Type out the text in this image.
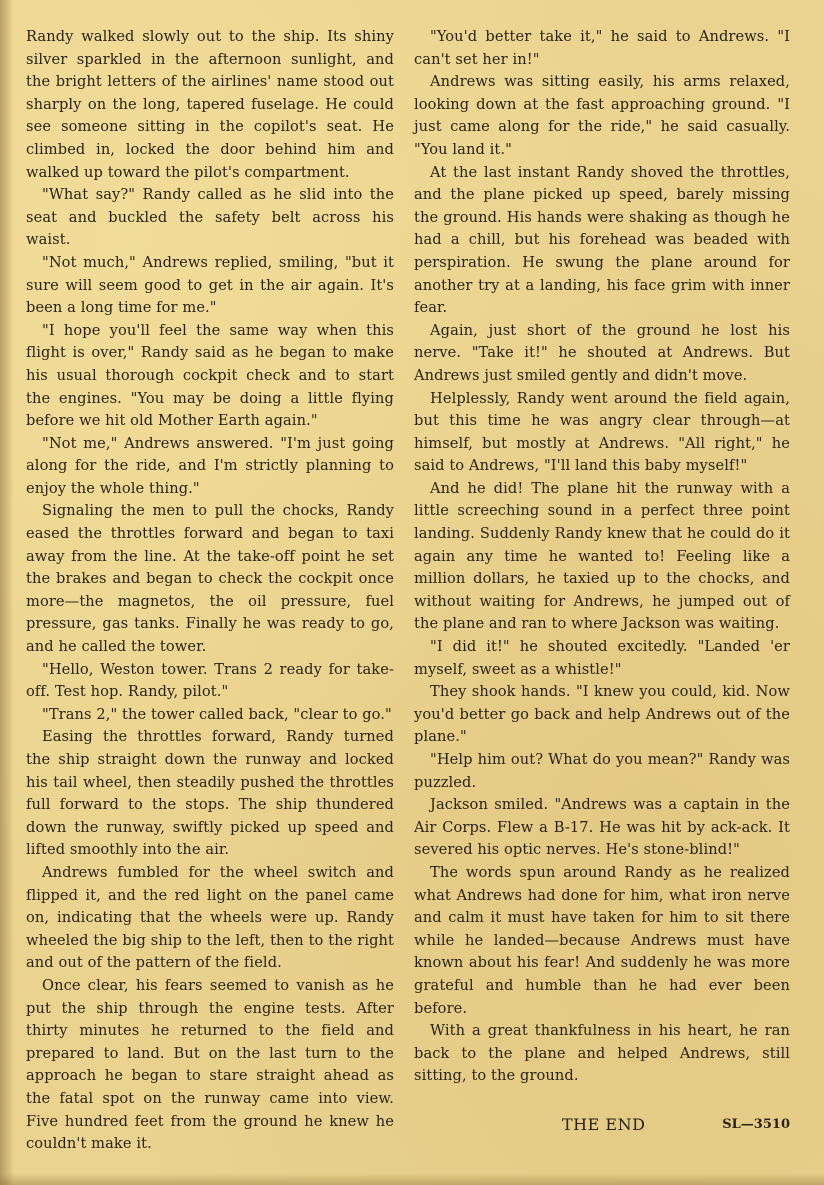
Randy walked slowly out to the ship. Its shiny silver sparkled in the afternoon sunlight, and the bright letters of the airlines' name stood out sharply on the long, tapered fuselage. He could see someone sitting in the copilot's seat. He climbed in, locked the door behind him and walked up toward the pilot's compartment.

"What say?" Randy called as he slid into the seat and buckled the safety belt across his waist.

"Not much," Andrews replied, smiling, "but it sure will seem good to get in the air again. It's been a long time for me."

"I hope you'll feel the same way when this flight is over," Randy said as he began to make his usual thorough cockpit check and to start the engines. "You may be doing a little flying before we hit old Mother Earth again."

"Not me," Andrews answered. "I'm just going along for the ride, and I'm strictly planning to enjoy the whole thing."

Signaling the men to pull the chocks, Randy eased the throttles forward and began to taxi away from the line. At the take-off point he set the brakes and began to check the cockpit once more—the magnetos, the oil pressure, fuel pressure, gas tanks. Finally he was ready to go, and he called the tower.

"Hello, Weston tower. Trans 2 ready for take-off. Test hop. Randy, pilot."

"Trans 2," the tower called back, "clear to go."

Easing the throttles forward, Randy turned the ship straight down the runway and locked his tail wheel, then steadily pushed the throttles full forward to the stops. The ship thundered down the runway, swiftly picked up speed and lifted smoothly into the air.

Andrews fumbled for the wheel switch and flipped it, and the red light on the panel came on, indicating that the wheels were up. Randy wheeled the big ship to the left, then to the right and out of the pattern of the field.

Once clear, his fears seemed to vanish as he put the ship through the engine tests. After thirty minutes he returned to the field and prepared to land. But on the last turn to the approach he began to stare straight ahead as the fatal spot on the runway came into view. Five hundred feet from the ground he knew he couldn't make it.

"You'd better take it," he said to Andrews. "I can't set her in!"

Andrews was sitting easily, his arms relaxed, looking down at the fast approaching ground. "I just came along for the ride," he said casually. "You land it."

At the last instant Randy shoved the throttles, and the plane picked up speed, barely missing the ground. His hands were shaking as though he had a chill, but his forehead was beaded with perspiration. He swung the plane around for another try at a landing, his face grim with inner fear.

Again, just short of the ground he lost his nerve. "Take it!" he shouted at Andrews. But Andrews just smiled gently and didn't move.

Helplessly, Randy went around the field again, but this time he was angry clear through—at himself, but mostly at Andrews. "All right," he said to Andrews, "I'll land this baby myself!"

And he did! The plane hit the runway with a little screeching sound in a perfect three point landing. Suddenly Randy knew that he could do it again any time he wanted to! Feeling like a million dollars, he taxied up to the chocks, and without waiting for Andrews, he jumped out of the plane and ran to where Jackson was waiting.

"I did it!" he shouted excitedly. "Landed 'er myself, sweet as a whistle!"

They shook hands. "I knew you could, kid. Now you'd better go back and help Andrews out of the plane."

"Help him out? What do you mean?" Randy was puzzled.

Jackson smiled. "Andrews was a captain in the Air Corps. Flew a B-17. He was hit by ack-ack. It severed his optic nerves. He's stone-blind!"

The words spun around Randy as he realized what Andrews had done for him, what iron nerve and calm it must have taken for him to sit there while he landed—because Andrews must have known about his fear! And suddenly he was more grateful and humble than he had ever been before.

With a great thankfulness in his heart, he ran back to the plane and helped Andrews, still sitting, to the ground.

THE END	SL—3510
